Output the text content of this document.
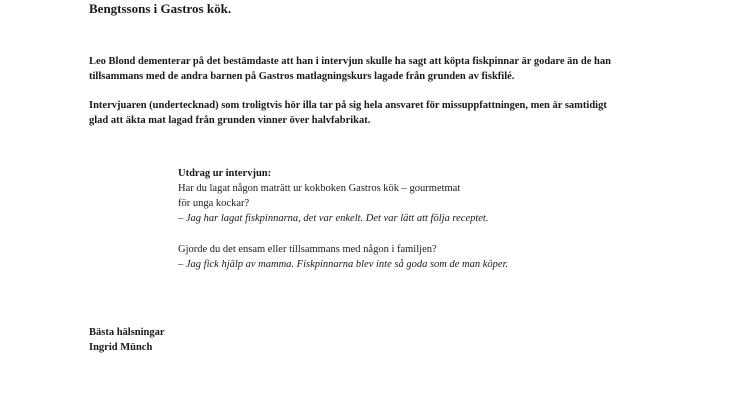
Bengtssons i Gastros kök.
Leo Blond dementerar på det bestämdaste att han i intervjun skulle ha sagt att köpta fiskpinnar är godare än de han
tillsammans med de andra barnen på Gastros matlagningskurs lagade från grunden av fiskfilé.
Intervjuaren (undertecknad) som troligtvis hör illa tar på sig hela ansvaret för missuppfattningen, men är samtidigt
glad att äkta mat lagad från grunden vinner över halvfabrikat.
Utdrag ur intervjun:
Har du lagat någon maträtt ur kokboken Gastros kök – gourmetmat
för unga kockar?
– Jag har lagat fiskpinnarna, det var enkelt. Det var lätt att följa receptet.
Gjorde du det ensam eller tillsammans med någon i familjen?
– Jag fick hjälp av mamma. Fiskpinnarna blev inte så goda som de man köper.
Bästa hälsningar
Ingrid Münch
